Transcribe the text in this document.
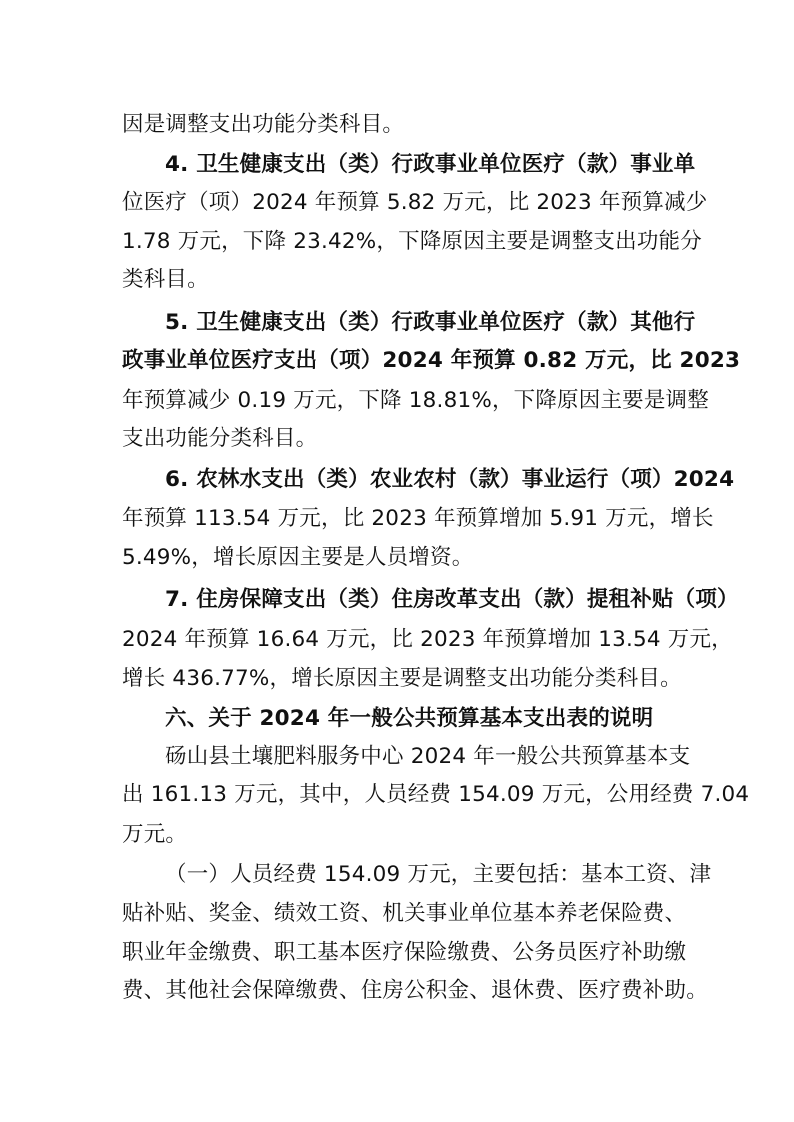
因是调整支出功能分类科目。
4. 卫生健康支出（类）行政事业单位医疗（款）事业单
位医疗（项）2024 年预算 5.82 万元，比 2023 年预算减少
1.78 万元，下降 23.42%，下降原因主要是调整支出功能分
类科目。
5. 卫生健康支出（类）行政事业单位医疗（款）其他行
政事业单位医疗支出（项）2024 年预算 0.82 万元，比 2023
年预算减少 0.19 万元，下降 18.81%，下降原因主要是调整
支出功能分类科目。
6. 农林水支出（类）农业农村（款）事业运行（项）2024
年预算 113.54 万元，比 2023 年预算增加 5.91 万元，增长
5.49%，增长原因主要是人员增资。
7. 住房保障支出（类）住房改革支出（款）提租补贴（项）
2024 年预算 16.64 万元，比 2023 年预算增加 13.54 万元，
增长 436.77%，增长原因主要是调整支出功能分类科目。
六、关于 2024 年一般公共预算基本支出表的说明
砀山县土壤肥料服务中心 2024 年一般公共预算基本支
出 161.13 万元，其中，人员经费 154.09 万元，公用经费 7.04
万元。
（一）人员经费 154.09 万元，主要包括：基本工资、津
贴补贴、奖金、绩效工资、机关事业单位基本养老保险费、
职业年金缴费、职工基本医疗保险缴费、公务员医疗补助缴
费、其他社会保障缴费、住房公积金、退休费、医疗费补助。
